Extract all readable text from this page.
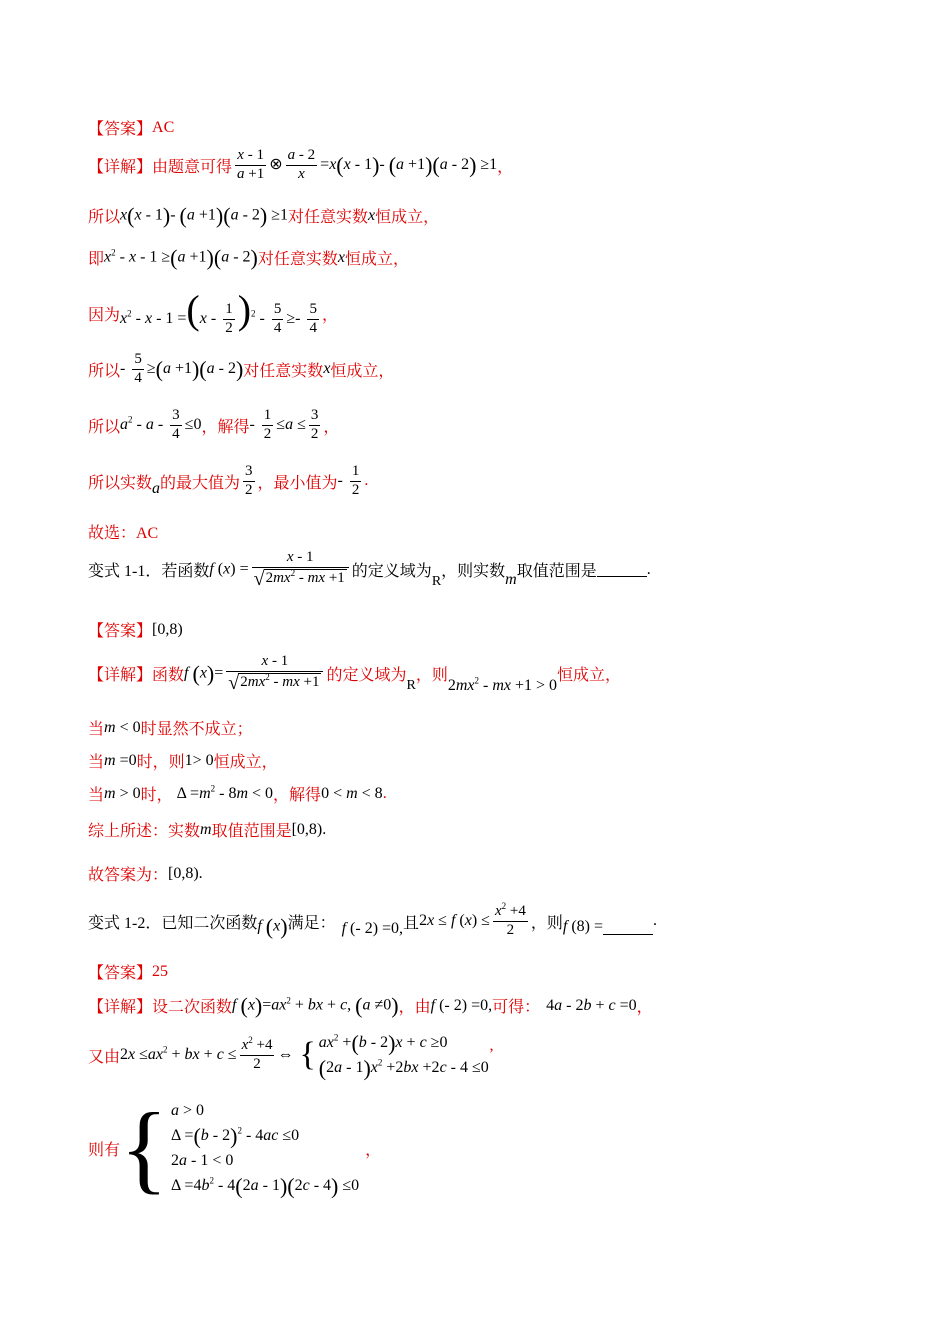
【答案】 AC
【详解】 由题意可得 $\frac{x - 1}{a +1}$ ⊗ $\frac{a - 2}{x} =x(x - 1)-$ (a +1)(a - 2) ≥1 ，
所以 x(x - 1)- (a +1)(a - 2) ≥1 对任意实数 x 恒成立，
即 $x^2 - x - 1 \ge(a +1)(a - 2)$ 对任意实数 x 恒成立，
因为 $x^2 - x - 1 =(x - \frac{1}{2} )^2 - \frac{5}{4} \ge- \frac{5}{4}$ ，
所以 - $\frac{5}{4} \ge(a +1)(a - 2)$ 对任意实数 x 恒成立，
所以 $a^2 - a - \frac{3}{4} \le 0$ ，解得 - $\frac{1}{2} \le a \le \frac{3}{2}$ ，
所以实数 a 的最大值为 $\frac{3}{2}$ ，最小值为 - $\frac{1}{2}$ .
故选：AC
变式 1-1．若函数 f $(x) = \frac{x - 1}{√ 2mx^2 - mx +1}$ 的定义域为
R
，则实数 m 取值范围是	.
【答案】 [0,8)
【详解】 函数 f $(x)= \frac{x - 1}{√ 2mx^2 - mx +1}$ 的定义域为
R
，则
$2mx^2$ - mx +1 > 0
恒成立，
当 m < 0 时显然不成立；
当 m =0 时，则 1> 0 恒成立，
当 m > 0 时， $\Delta =m^2 - 8m < 0$ ，解得 0 < m < 8 .
综上所述：实数 m 取值范围是 [0,8) .
故答案为： [0,8) .
变式 1-2．已知二次函数 f (x) 满足： f (- 2) =0, 且 2x ≤ f $(x) \le \frac{x^2 +4}{2}$ ，则 f (8) =	.
【答案】 25
【详解】 设二次函数 f $(x)=ax^2$ + bx + c, (a ≠0) ，由 f (- 2) =0, 可得： 4a - 2b + c =0 ，
又由 $2x \le ax^2$ + bx + $c \le \frac{x^2 +4}{2}$ ⇔ { $ax^2 +(b - 2)x + c \ge 0$
$(2a - 1)x^2 +2bx +2c - 4 \le 0$
’
则有 { a > 0
Δ =(b - 2)$^2$ - 4ac ≤0
2a - 1 < 0
$\Delta =4b^2 - 4(2a - 1)(2c - 4) \le 0$
，
